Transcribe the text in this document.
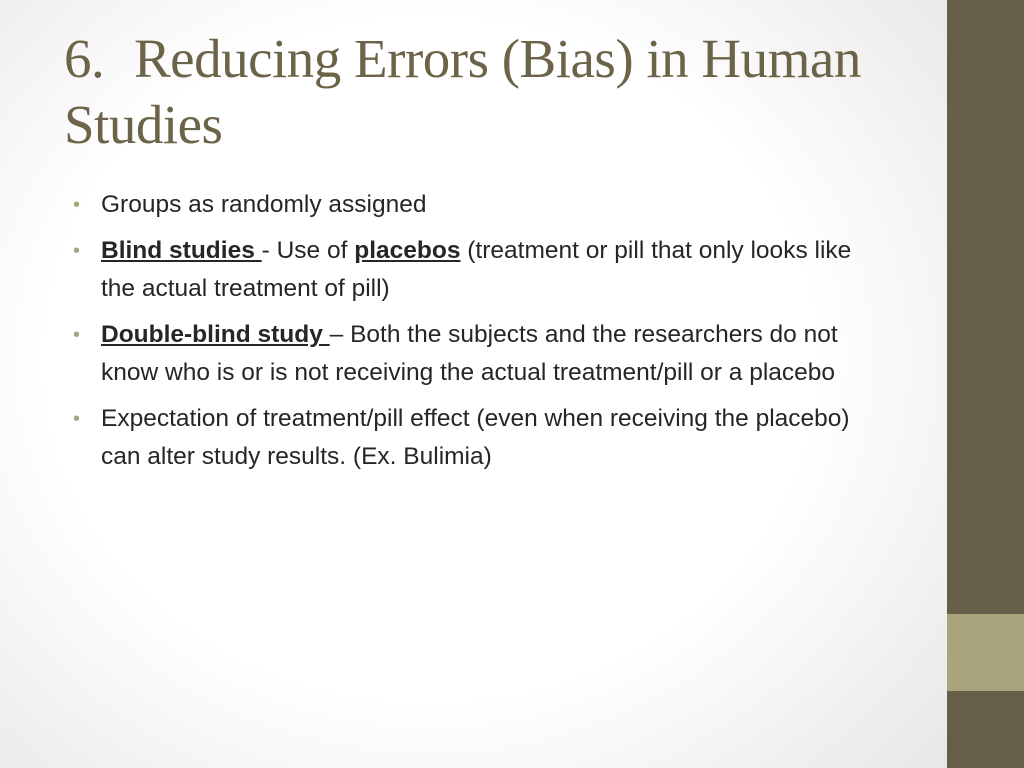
6. Reducing Errors (Bias) in Human Studies
• Groups as randomly assigned
• Blind studies - Use of placebos (treatment or pill that only looks like the actual treatment of pill)
• Double-blind study – Both the subjects and the researchers do not know who is or is not receiving the actual treatment/pill or a placebo
• Expectation of treatment/pill effect (even when receiving the placebo) can alter study results. (Ex. Bulimia)
